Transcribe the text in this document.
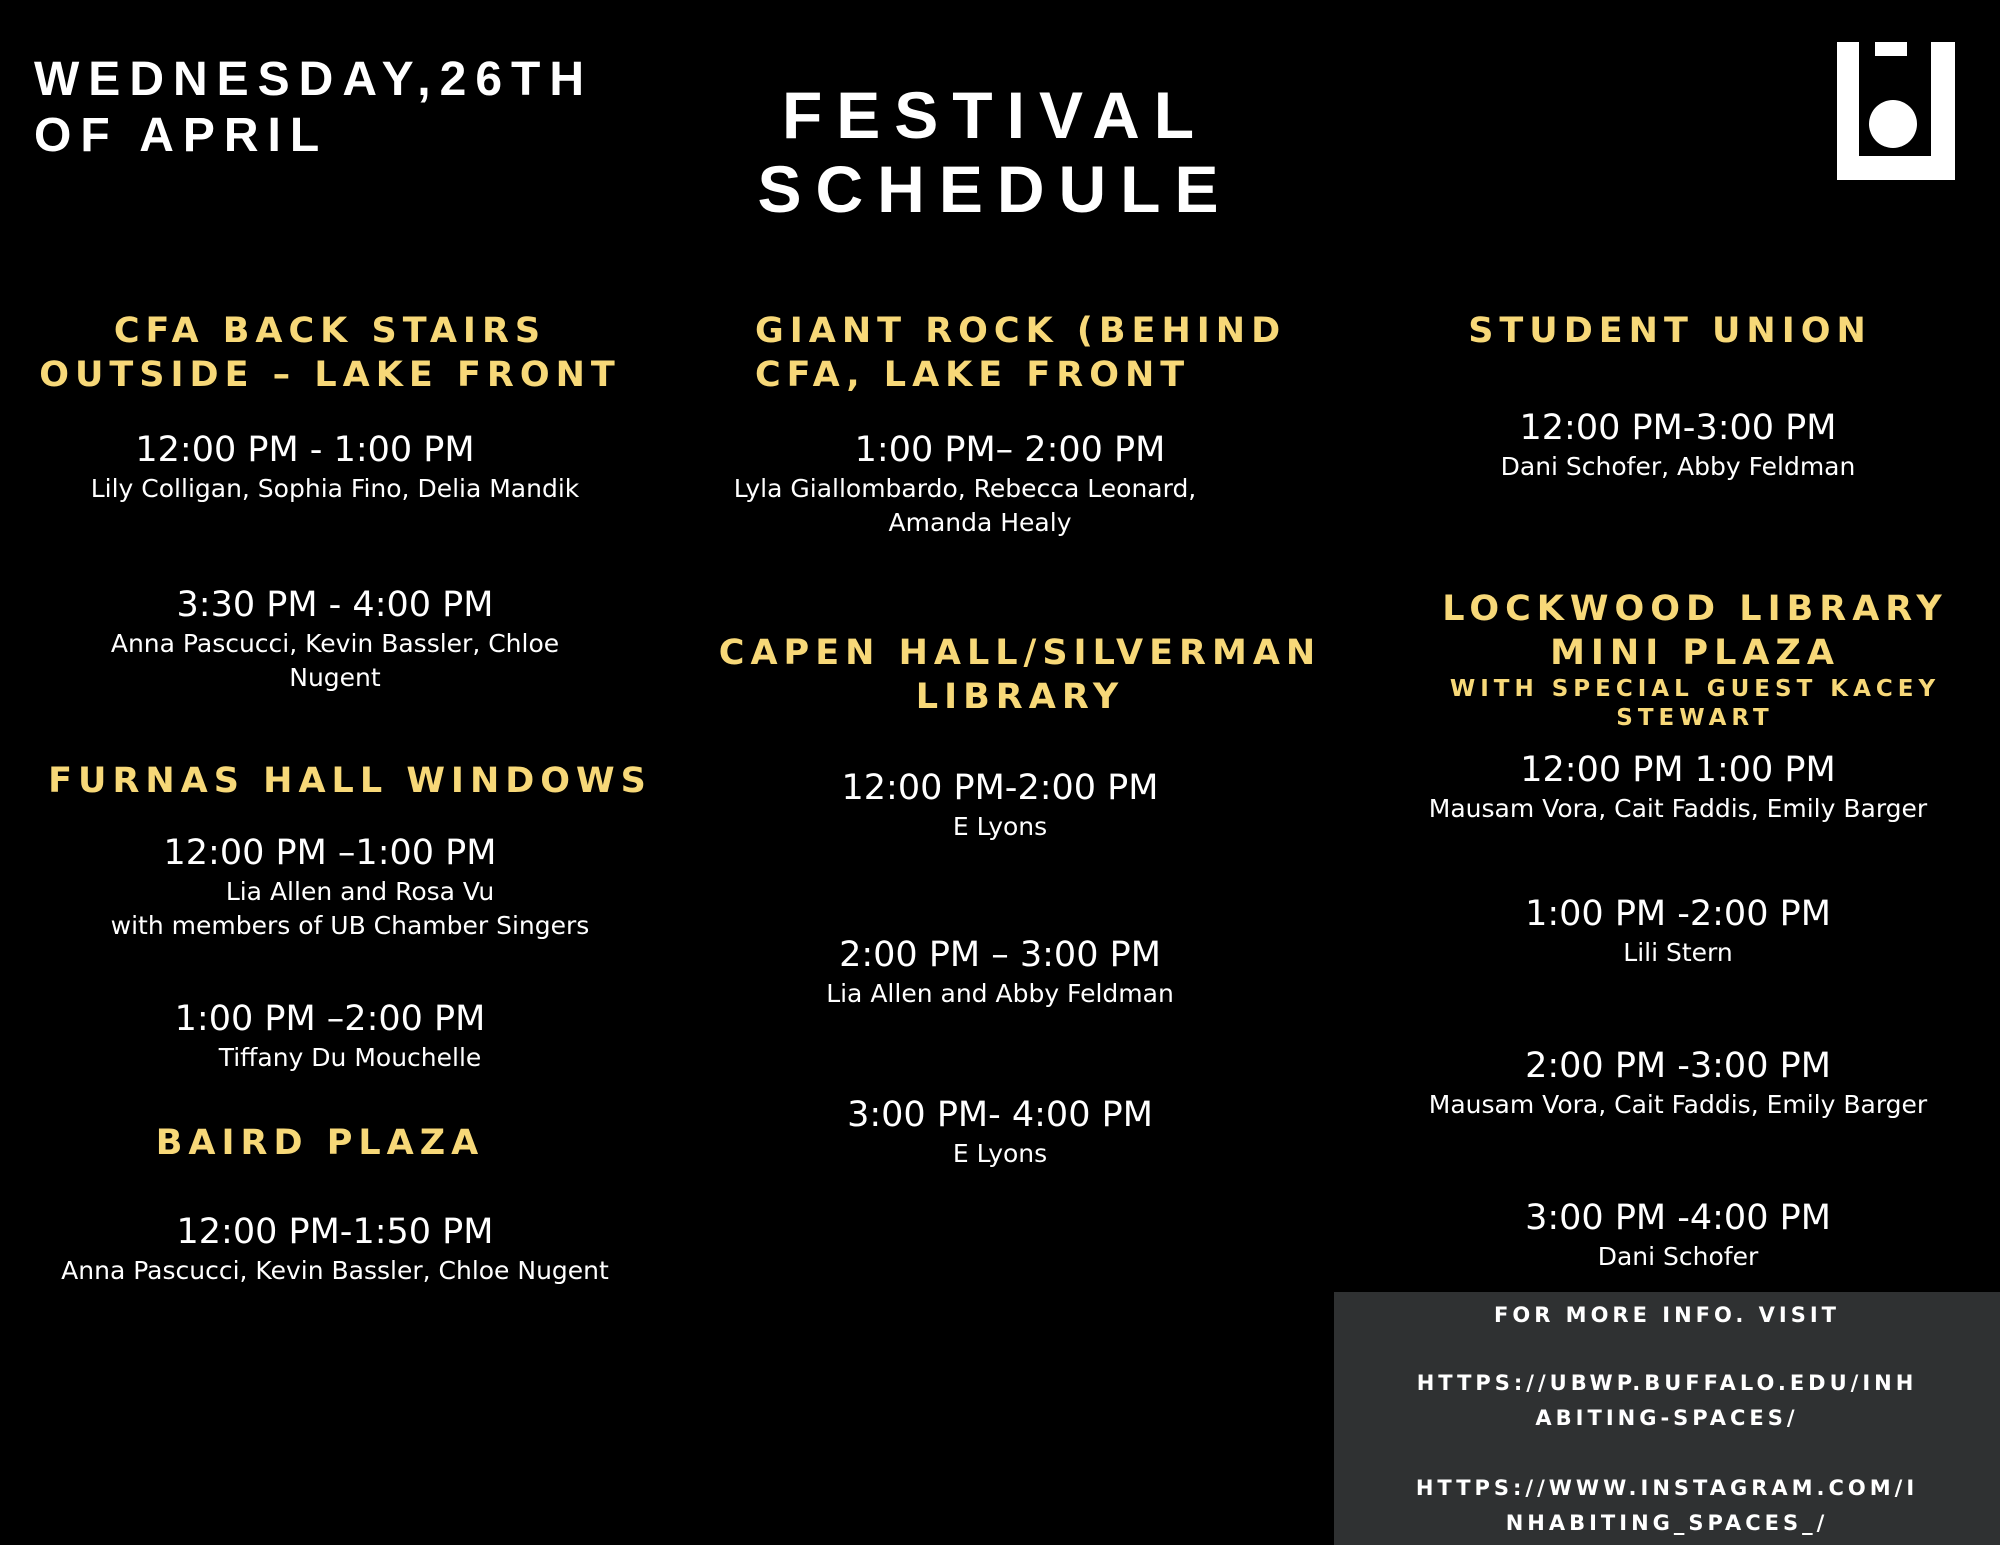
WEDNESDAY,26TH
OF APRIL	FESTIVAL
SCHEDULE
CFA BACK STAIRS
OUTSIDE – LAKE FRONT
12:00 PM - 1:00 PM
Lily Colligan, Sophia Fino, Delia Mandik
3:30 PM - 4:00 PM
Anna Pascucci, Kevin Bassler, Chloe
Nugent
FURNAS HALL WINDOWS
12:00 PM –1:00 PM
Lia Allen and Rosa Vu
with members of UB Chamber Singers
1:00 PM –2:00 PM
Tiffany Du Mouchelle
BAIRD PLAZA
12:00 PM-1:50 PM
Anna Pascucci, Kevin Bassler, Chloe Nugent
GIANT ROCK (BEHIND
CFA, LAKE FRONT
1:00 PM– 2:00 PM
Lyla Giallombardo, Rebecca Leonard,
Amanda Healy
CAPEN HALL/SILVERMAN
LIBRARY
12:00 PM-2:00 PM
E Lyons
2:00 PM – 3:00 PM
Lia Allen and Abby Feldman
3:00 PM- 4:00 PM
E Lyons
STUDENT UNION
12:00 PM-3:00 PM
Dani Schofer, Abby Feldman
LOCKWOOD LIBRARY
MINI PLAZA
WITH SPECIAL GUEST KACEY
STEWART
12:00 PM 1:00 PM
Mausam Vora, Cait Faddis, Emily Barger
1:00 PM -2:00 PM
Lili Stern
2:00 PM -3:00 PM
Mausam Vora, Cait Faddis, Emily Barger
3:00 PM -4:00 PM
Dani Schofer
FOR MORE INFO. VISIT
HTTPS://UBWP.BUFFALO.EDU/INH
ABITING-SPACES/
HTTPS://WWW.INSTAGRAM.COM/I
NHABITING_SPACES_/
